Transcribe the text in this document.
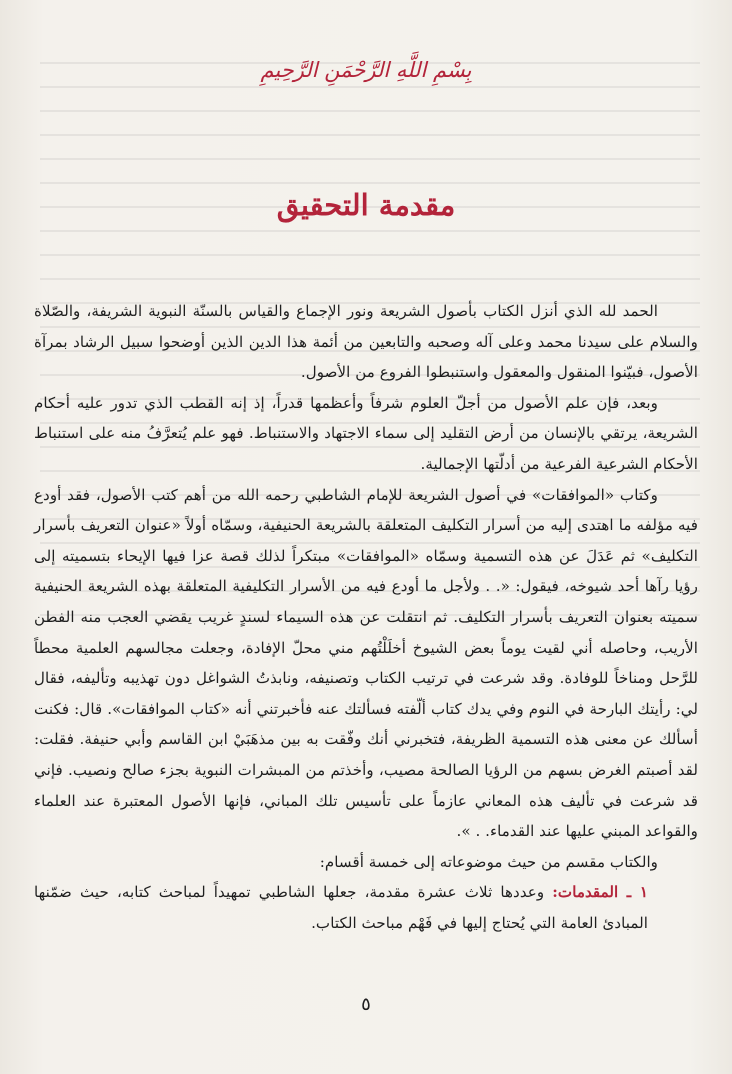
بِسْمِ اللَّهِ الرَّحْمَنِ الرَّحِيمِ
مقدمة التحقيق

الحمد لله الذي أنزل الكتاب بأصول الشريعة ونور الإجماع والقياس بالسنّة النبوية الشريفة، والصّلاة والسلام على سيدنا محمد وعلى آله وصحبه والتابعين من أئمة هذا الدين الذين أوضحوا سبيل الرشاد بمرآة الأصول، فبيّنوا المنقول والمعقول واستنبطوا الفروع من الأصول.

وبعد، فإن علم الأصول من أجلّ العلوم شرفاً وأعظمها قدراً، إذ إنه القطب الذي تدور عليه أحكام الشريعة، يرتقي بالإنسان من أرض التقليد إلى سماء الاجتهاد والاستنباط. فهو علم يُتعرَّفُ منه على استنباط الأحكام الشرعية الفرعية من أدلّتها الإجمالية.

وكتاب «الموافقات» في أصول الشريعة للإمام الشاطبي رحمه الله من أهم كتب الأصول، فقد أودع فيه مؤلفه ما اهتدى إليه من أسرار التكليف المتعلقة بالشريعة الحنيفية، وسمّاه أولاً «عنوان التعريف بأسرار التكليف» ثم عَدَلَ عن هذه التسمية وسمّاه «الموافقات» مبتكراً لذلك قصة عزا فيها الإيحاء بتسميته إلى رؤيا رآها أحد شيوخه، فيقول: «. . ولأجل ما أودع فيه من الأسرار التكليفية المتعلقة بهذه الشريعة الحنيفية سميته بعنوان التعريف بأسرار التكليف. ثم انتقلت عن هذه السيماء لسندٍ غريب يقضي العجب منه الفطن الأريب، وحاصله أني لقيت يوماً بعض الشيوخ أخلَلْتُهم مني محلّ الإفادة، وجعلت مجالسهم العلمية محطاً للرَّحل ومناخاً للوفادة. وقد شرعت في ترتيب الكتاب وتصنيفه، ونابذتُ الشواغل دون تهذيبه وتأليفه، فقال لي: رأيتك البارحة في النوم وفي يدك كتاب ألّفته فسألتك عنه فأخبرتني أنه «كتاب الموافقات». قال: فكنت أسألك عن معنى هذه التسمية الظريفة، فتخبرني أنك وفّقت به بين مذهَبَيْ ابن القاسم وأبي حنيفة. فقلت: لقد أصبتم الغرض بسهم من الرؤيا الصالحة مصيب، وأخذتم من المبشرات النبوية بجزء صالح ونصيب. فإني قد شرعت في تأليف هذه المعاني عازماً على تأسيس تلك المباني، فإنها الأصول المعتبرة عند العلماء والقواعد المبني عليها عند القدماء. . ».

والكتاب مقسم من حيث موضوعاته إلى خمسة أقسام:

١ ـ المقدمات: وعددها ثلاث عشرة مقدمة، جعلها الشاطبي تمهيداً لمباحث كتابه، حيث ضمّنها المبادئ العامة التي يُحتاج إليها في فَهْم مباحث الكتاب.

٥
